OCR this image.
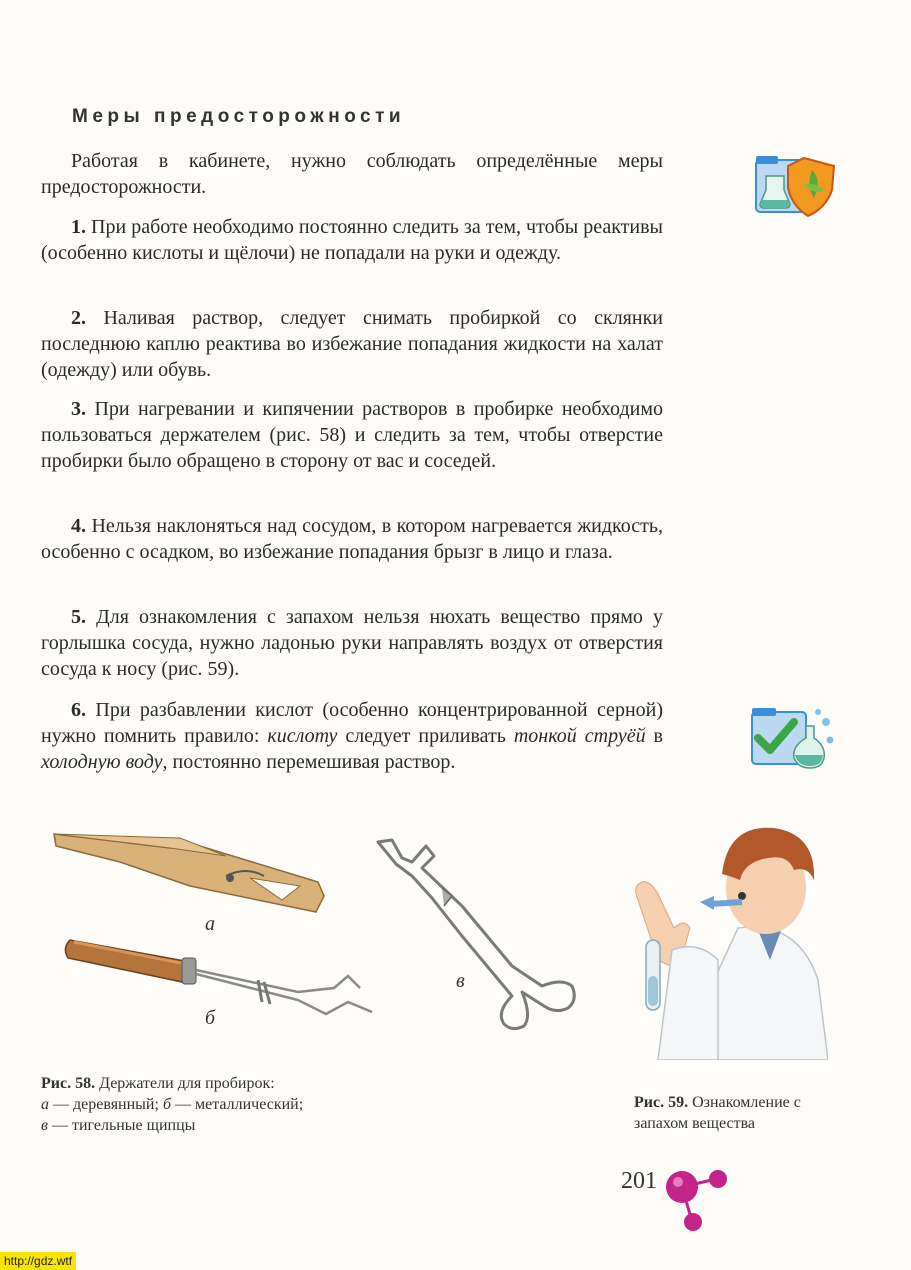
Меры предосторожности

Работая в кабинете, нужно соблюдать определённые меры предосторожности.

1. При работе необходимо постоянно следить за тем, чтобы реактивы (особенно кислоты и щёлочи) не попадали на руки и одежду.

2. Наливая раствор, следует снимать пробиркой со склянки последнюю каплю реактива во избежание попадания жидкости на халат (одежду) или обувь.

3. При нагревании и кипячении растворов в пробирке необходимо пользоваться держателем (рис. 58) и следить за тем, чтобы отверстие пробирки было обращено в сторону от вас и соседей.

4. Нельзя наклоняться над сосудом, в котором нагревается жидкость, особенно с осадком, во избежание попадания брызг в лицо и глаза.

5. Для ознакомления с запахом нельзя нюхать вещество прямо у горлышка сосуда, нужно ладонью руки направлять воздух от отверстия сосуда к носу (рис. 59).

6. При разбавлении кислот (особенно концентрированной серной) нужно помнить правило: кислоту следует приливать тонкой струёй в холодную воду, постоянно перемешивая раствор.

а
б
в

Рис. 58. Держатели для пробирок:
а — деревянный; б — металлический;
в — тигельные щипцы

Рис. 59. Ознакомление с запахом вещества

201
http://gdz.wtf
